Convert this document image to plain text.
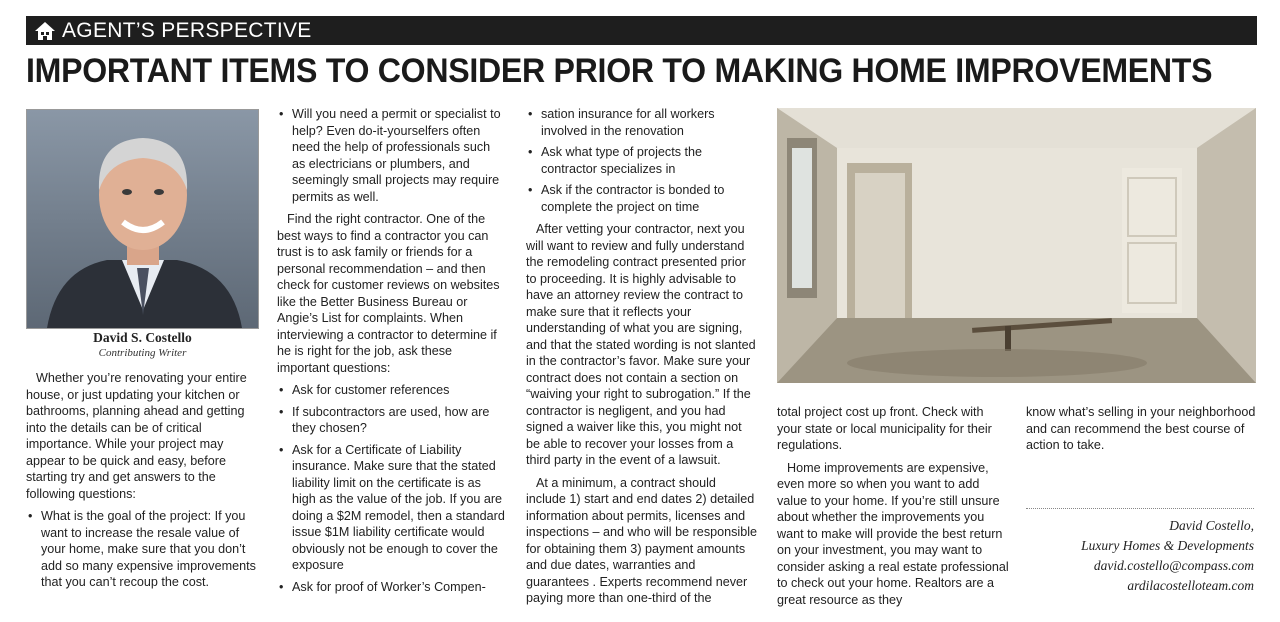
AGENT’S PERSPECTIVE
IMPORTANT ITEMS TO CONSIDER PRIOR TO MAKING HOME IMPROVEMENTS
David S. Costello
Contributing Writer

Whether you’re renovating your entire house, or just updating your kitchen or bathrooms, planning ahead and getting into the details can be of critical importance. While your project may appear to be quick and easy, before starting try and get answers to the following questions:

• What is the goal of the project: If you want to increase the resale value of your home, make sure that you don’t add so many expensive improvements that you can’t recoup the cost.
• Will you need a permit or specialist to help? Even do-it-yourselfers often need the help of professionals such as electricians or plumbers, and seemingly small projects may require permits as well.

Find the right contractor. One of the best ways to find a contractor you can trust is to ask family or friends for a personal recommendation – and then check for customer reviews on websites like the Better Business Bureau or Angie’s List for complaints. When interviewing a contractor to determine if he is right for the job, ask these important questions:

• Ask for customer references
• If subcontractors are used, how are they chosen?
• Ask for a Certificate of Liability insurance. Make sure that the stated liability limit on the certificate is as high as the value of the job. If you are doing a $2M remodel, then a standard issue $1M liability certificate would obviously not be enough to cover the exposure
• Ask for proof of Worker’s Compen-
• sation insurance for all workers involved in the renovation
• Ask what type of projects the contractor specializes in
• Ask if the contractor is bonded to complete the project on time

After vetting your contractor, next you will want to review and fully understand the remodeling contract presented prior to proceeding. It is highly advisable to have an attorney review the contract to make sure that it reflects your understanding of what you are signing, and that the stated wording is not slanted in the contractor’s favor. Make sure your contract does not contain a section on “waiving your right to subrogation.” If the contractor is negligent, and you had signed a waiver like this, you might not be able to recover your losses from a third party in the event of a lawsuit.

At a minimum, a contract should include 1) start and end dates 2) detailed information about permits, licenses and inspections – and who will be responsible for obtaining them 3) payment amounts and due dates, warranties and guarantees . Experts recommend never paying more than one-third of the

total project cost up front. Check with your state or local municipality for their regulations.

Home improvements are expensive, even more so when you want to add value to your home. If you’re still unsure about whether the improvements you want to make will provide the best return on your investment, you may want to consider asking a real estate professional to check out your home. Realtors are a great resource as they

know what’s selling in your neighborhood and can recommend the best course of action to take.

David Costello,
Luxury Homes & Developments
david.costello@compass.com
ardilacostelloteam.com
